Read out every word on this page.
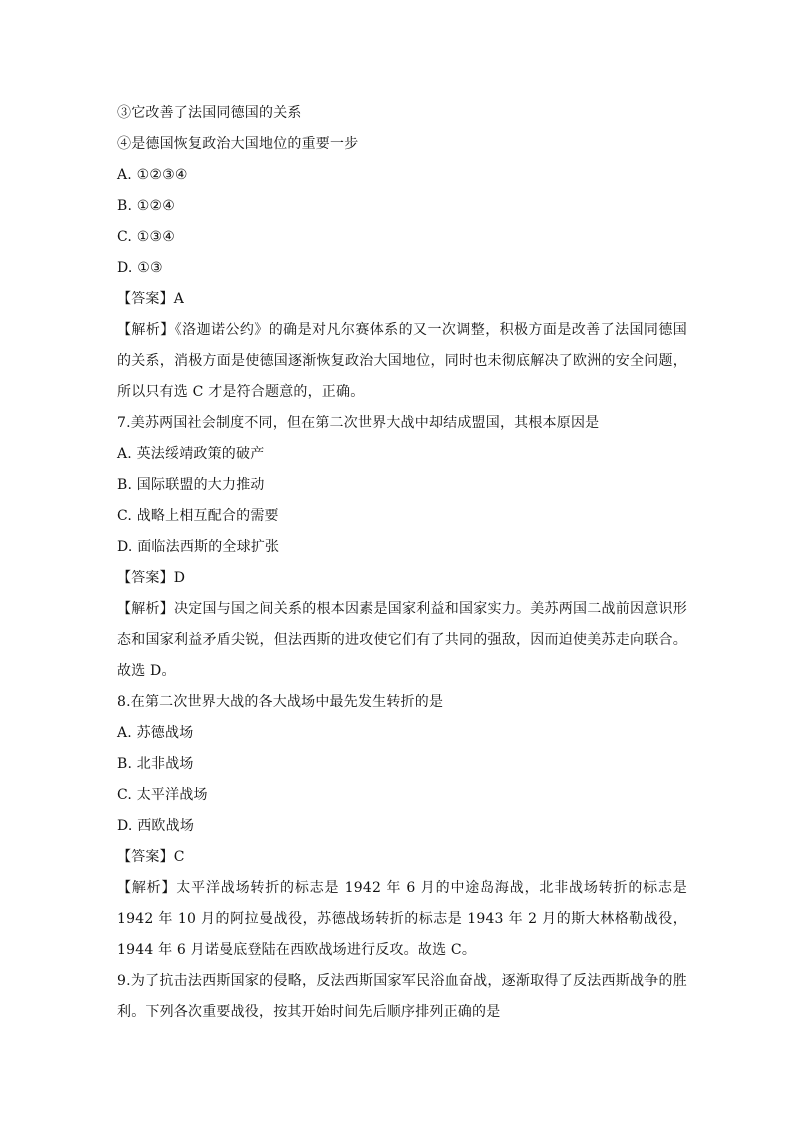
③它改善了法国同德国的关系
④是德国恢复政治大国地位的重要一步
A. ①②③④
B. ①②④
C. ①③④
D. ①③
【答案】A
【解析】《洛迦诺公约》的确是对凡尔赛体系的又一次调整，积极方面是改善了法国同德国的关系，消极方面是使德国逐渐恢复政治大国地位，同时也未彻底解决了欧洲的安全问题，所以只有选 C 才是符合题意的，正确。
7.美苏两国社会制度不同，但在第二次世界大战中却结成盟国，其根本原因是
A. 英法绥靖政策的破产
B. 国际联盟的大力推动
C. 战略上相互配合的需要
D. 面临法西斯的全球扩张
【答案】D
【解析】决定国与国之间关系的根本因素是国家利益和国家实力。美苏两国二战前因意识形态和国家利益矛盾尖锐，但法西斯的进攻使它们有了共同的强敌，因而迫使美苏走向联合。故选 D。
8.在第二次世界大战的各大战场中最先发生转折的是
A. 苏德战场
B. 北非战场
C. 太平洋战场
D. 西欧战场
【答案】C
【解析】太平洋战场转折的标志是 1942 年 6 月的中途岛海战，北非战场转折的标志是 1942 年 10 月的阿拉曼战役，苏德战场转折的标志是 1943 年 2 月的斯大林格勒战役，1944 年 6 月诺曼底登陆在西欧战场进行反攻。故选 C。
9.为了抗击法西斯国家的侵略，反法西斯国家军民浴血奋战，逐渐取得了反法西斯战争的胜利。下列各次重要战役，按其开始时间先后顺序排列正确的是
